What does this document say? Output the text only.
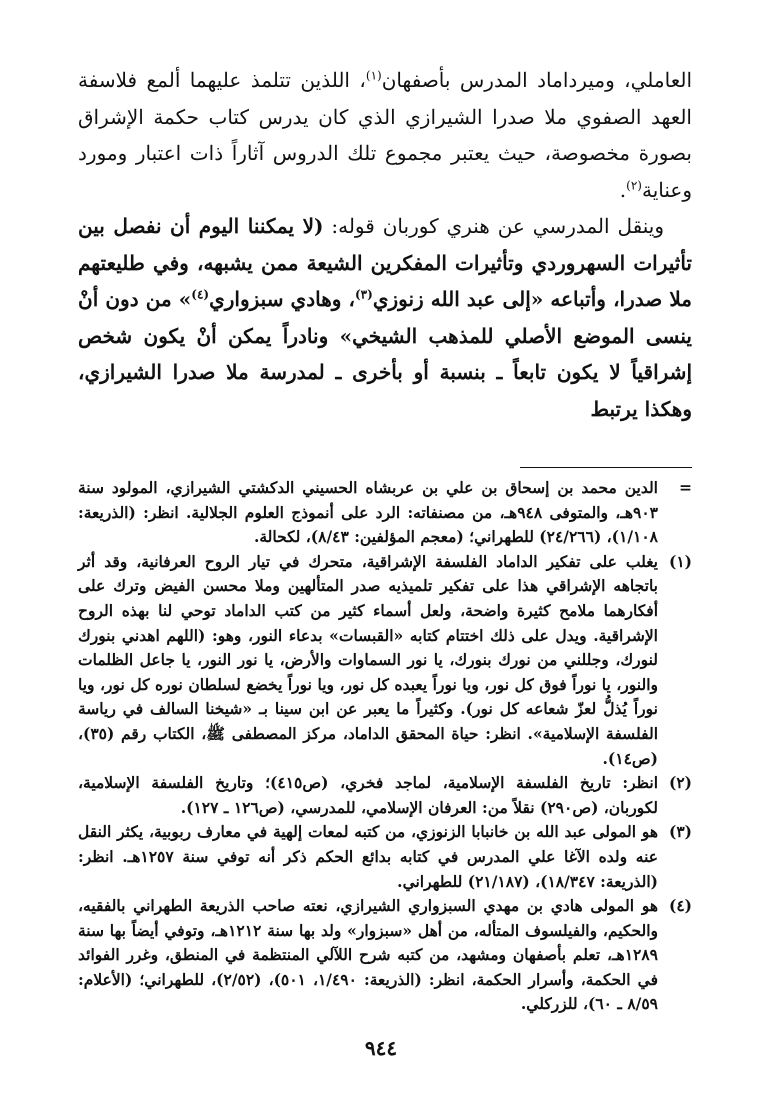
العاملي، وميرداماد المدرس بأصفهان$^{(١)}$، اللذين تتلمذ عليهما ألمع فلاسفة العهد الصفوي ملا صدرا الشيرازي الذي كان يدرس كتاب حكمة الإشراق بصورة مخصوصة، حيث يعتبر مجموع تلك الدروس آثاراً ذات اعتبار ومورد وعناية$^{(٢)}$.

وينقل المدرسي عن هنري كوربان قوله: (لا يمكننا اليوم أن نفصل بين تأثيرات السهروردي وتأثيرات المفكرين الشيعة ممن يشبهه، وفي طليعتهم ملا صدرا، وأتباعه «إلى عبد الله زنوزي$^{(٣)}$، وهادي سبزواري$^{(٤)}$» من دون أنْ ينسى الموضع الأصلي للمذهب الشيخي» ونادراً يمكن أنْ يكون شخص إشراقياً لا يكون تابعاً ـ بنسبة أو بأخرى ـ لمدرسة ملا صدرا الشيرازي، وهكذا يرتبط

=
الدين محمد بن إسحاق بن علي بن عربشاه الحسيني الدكشتي الشيرازي، المولود سنة ٩٠٣هـ، والمتوفى ٩٤٨هـ، من مصنفاته: الرد على أنموذج العلوم الجلالية. انظر: (الذريعة: ١/١٠٨)، (٢٤/٢٦٦) للطهراني؛ (معجم المؤلفين: ٨/٤٣)، لكحالة.
(١)
يغلب على تفكير الداماد الفلسفة الإشراقية، متحرك في تيار الروح العرفانية، وقد أثر باتجاهه الإشراقي هذا على تفكير تلميذيه صدر المتألهين وملا محسن الفيض وترك على أفكارهما ملامح كثيرة واضحة، ولعل أسماء كثير من كتب الداماد توحي لنا بهذه الروح الإشراقية. ويدل على ذلك اختتام كتابه «القبسات» بدعاء النور، وهو: (اللهم اهدني بنورك لنورك، وجللني من نورك بنورك، يا نور السماوات والأرض، يا نور النور، يا جاعل الظلمات والنور، يا نوراً فوق كل نور، ويا نوراً يعبده كل نور، ويا نوراً يخضع لسلطان نوره كل نور، ويا نوراً يُذلُّ لعزّ شعاعه كل نور). وكثيراً ما يعبر عن ابن سينا بـ «شيخنا السالف في رياسة الفلسفة الإسلامية». انظر: حياة المحقق الداماد، مركز المصطفى ﷺ، الكتاب رقم (٣٥)، (ص١٤).
(٢)
انظر: تاريخ الفلسفة الإسلامية، لماجد فخري، (ص٤١٥)؛ وتاريخ الفلسفة الإسلامية، لكوربان، (ص٢٩٠) نقلاً من: العرفان الإسلامي، للمدرسي، (ص١٢٦ ـ ١٢٧).
(٣)
هو المولى عبد الله بن خانبابا الزنوزي، من كتبه لمعات إلهية في معارف ربوبية، يكثر النقل عنه ولده الآغا علي المدرس في كتابه بدائع الحكم ذكر أنه توفي سنة ١٢٥٧هـ. انظر: (الذريعة: ١٨/٣٤٧)، (٢١/١٨٧) للطهراني.
(٤)
هو المولى هادي بن مهدي السبزواري الشيرازي، نعته صاحب الذريعة الطهراني بالفقيه، والحكيم، والفيلسوف المتأله، من أهل «سبزوار» ولد بها سنة ١٢١٢هـ، وتوفي أيضاً بها سنة ١٢٨٩هـ، تعلم بأصفهان ومشهد، من كتبه شرح اللآلي المنتظمة في المنطق، وغرر الفوائد في الحكمة، وأسرار الحكمة، انظر: (الذريعة: ١/٤٩٠، ٥٠١)، (٢/٥٢)، للطهراني؛ (الأعلام: ٨/٥٩ ـ ٦٠)، للزركلي.
٩٤٤
